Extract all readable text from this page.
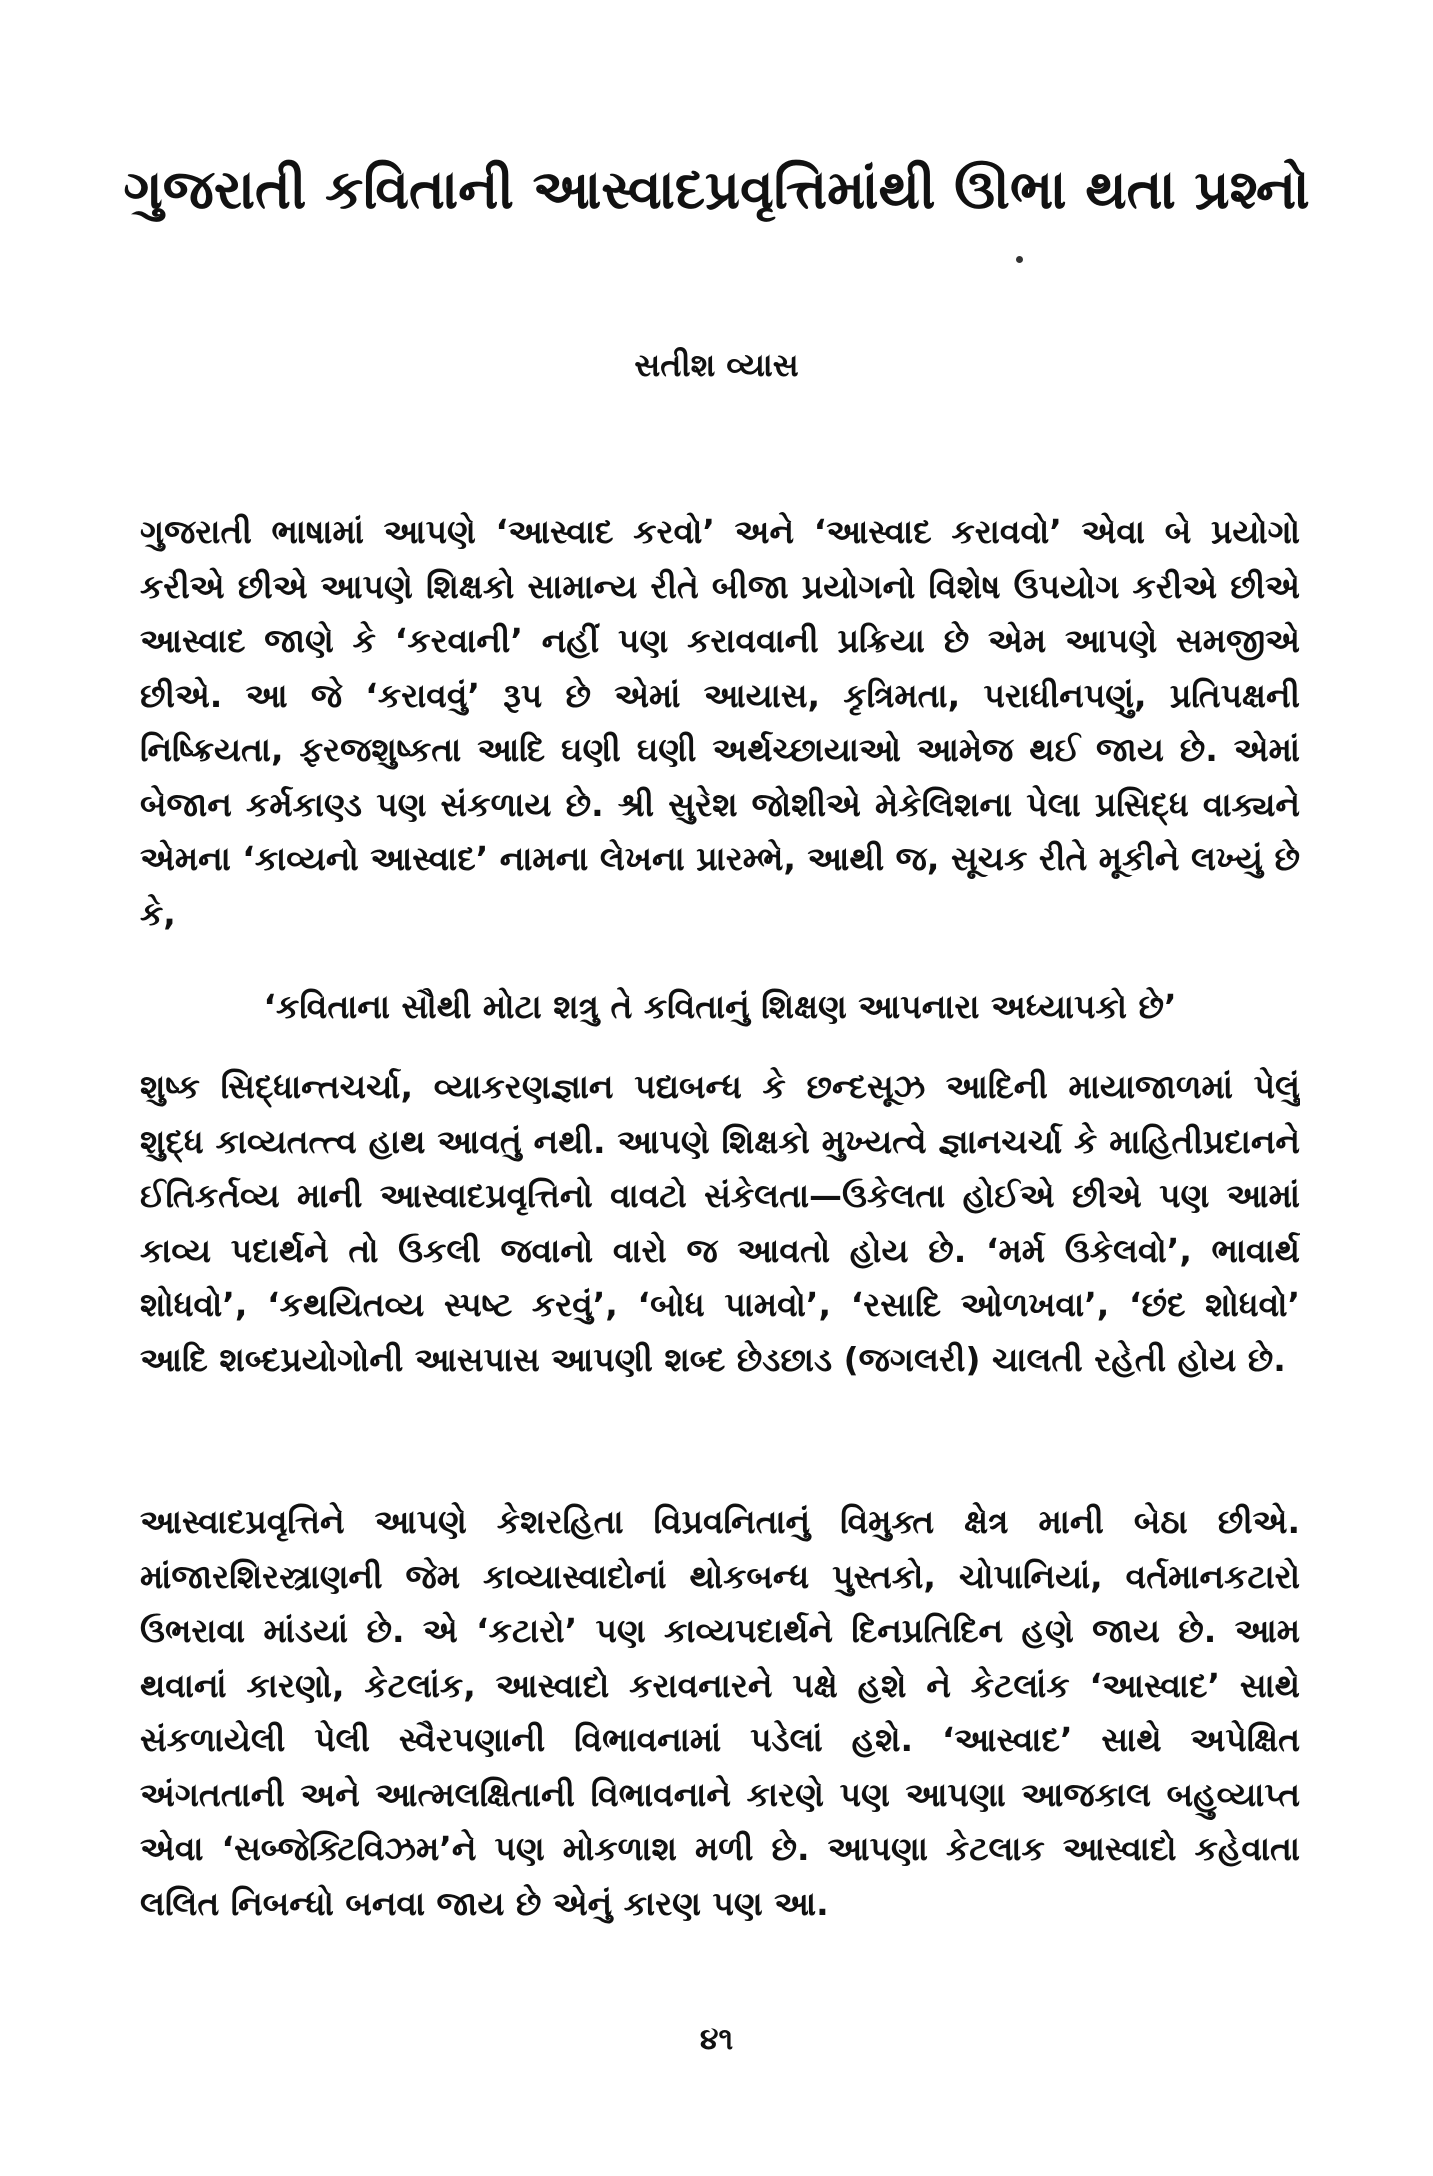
ગુજરાતી કવિતાની આસ્વાદપ્રવૃત્તિમાંથી ઊભા થતા પ્રશ્નો
સતીશ વ્યાસ
ગુજરાતી ભાષામાં આપણે ‘આસ્વાદ કરવો’ અને ‘આસ્વાદ કરાવવો’ એવા બે પ્રયોગો કરીએ છીએ આપણે શિક્ષકો સામાન્ય રીતે બીજા પ્રયોગનો વિશેષ ઉપયોગ કરીએ છીએ આસ્વાદ જાણે કે ‘કરવાની’ નહીં પણ કરાવવાની પ્રક્રિયા છે એમ આપણે સમજીએ છીએ. આ જે ‘કરાવવું’ રૂપ છે એમાં આયાસ, કૃત્રિમતા, પરાધીનપણું, પ્રતિપક્ષની નિષ્ક્રિયતા, ફરજશુષ્કતા આદિ ઘણી ઘણી અર્થચ્છાયાઓ આમેજ થઈ જાય છે. એમાં બેજાન કર્મકાણ્ડ પણ સંકળાય છે. શ્રી સુરેશ જોશીએ મેકેલિશના પેલા પ્રસિદ્ધ વાક્યને એમના ‘કાવ્યનો આસ્વાદ’ નામના લેખના પ્રારમ્ભે, આથી જ, સૂચક રીતે મૂકીને લખ્યું છે કે,
‘કવિતાના સૌથી મોટા શત્રુ તે કવિતાનું શિક્ષણ આપનારા અધ્યાપકો છે’
શુષ્ક સિદ્ધાન્તચર્ચા, વ્યાકરણજ્ઞાન પદ્યબન્ધ કે છન્દસૂઝ આદિની માયાજાળમાં પેલું શુદ્ધ કાવ્યતત્ત્વ હાથ આવતું નથી. આપણે શિક્ષકો મુખ્યત્વે જ્ઞાનચર્ચા કે માહિતીપ્રદાનને ઈતિકર્તવ્ય માની આસ્વાદપ્રવૃત્તિનો વાવટો સંકેલતા—ઉકેલતા હોઈએ છીએ પણ આમાં કાવ્ય પદાર્થને તો ઉકલી જવાનો વારો જ આવતો હોય છે. ‘મર્મ ઉકેલવો’, ભાવાર્થ શોધવો’, ‘કથયિતવ્ય સ્પષ્ટ કરવું’, ‘બોધ પામવો’, ‘રસાદિ ઓળખવા’, ‘છંદ શોધવો’ આદિ શબ્દપ્રયોગોની આસપાસ આપણી શબ્દ છેડછાડ (જગલરી) ચાલતી રહેતી હોય છે.
આસ્વાદપ્રવૃત્તિને આપણે કેશરહિતા વિપ્રવનિતાનું વિમુક્ત ક્ષેત્ર માની બેઠા છીએ. માંજારશિરસ્ત્રાણની જેમ કાવ્યાસ્વાદોનાં થોકબન્ધ પુસ્તકો, ચોપાનિયાં, વર્તમાનકટારો ઉભરાવા માંડયાં છે. એ ‘કટારો’ પણ કાવ્યપદાર્થને દિનપ્રતિદિન હણે જાય છે. આમ થવાનાં કારણો, કેટલાંક, આસ્વાદો કરાવનારને પક્ષે હશે ને કેટલાંક ‘આસ્વાદ’ સાથે સંકળાયેલી પેલી સ્વૈરપણાની વિભાવનામાં પડેલાં હશે. ‘આસ્વાદ’ સાથે અપેક્ષિત અંગતતાની અને આત્મલક્ષિતાની વિભાવનાને કારણે પણ આપણા આજકાલ બહુવ્યાપ્ત એવા ‘સબ્જેક્ટિવિઝમ’ને પણ મોકળાશ મળી છે. આપણા કેટલાક આસ્વાદો કહેવાતા લલિત નિબન્ધો બનવા જાય છે એનું કારણ પણ આ.
૪૧
